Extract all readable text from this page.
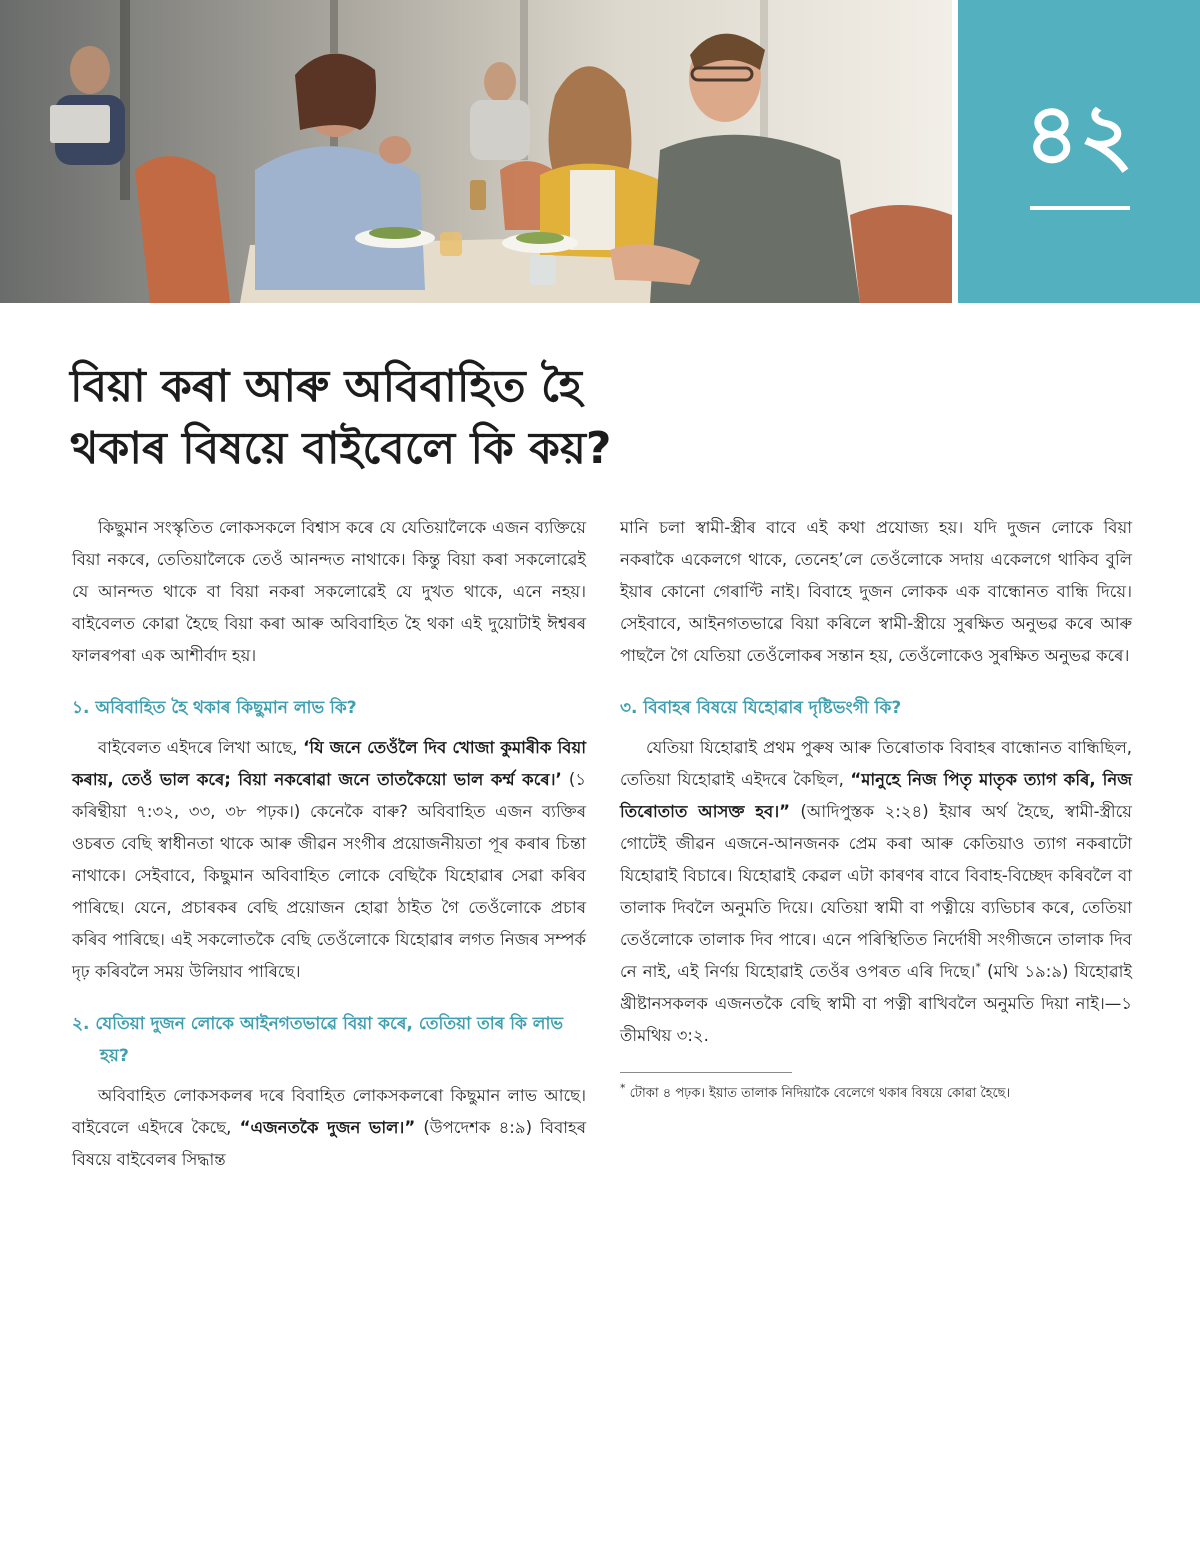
৪২
বিয়া কৰা আৰু অবিবাহিত হৈ
থকাৰ বিষয়ে বাইবেলে কি কয়?

কিছুমান সংস্কৃতিত লোকসকলে বিশ্বাস কৰে যে যেতিয়ালৈকে এজন ব্যক্তিয়ে বিয়া নকৰে, তেতিয়ালৈকে তেওঁ আনন্দত নাথাকে। কিন্তু বিয়া কৰা সকলোৱেই যে আনন্দত থাকে বা বিয়া নকৰা সকলোৱেই যে দুখত থাকে, এনে নহয়। বাইবেলত কোৱা হৈছে বিয়া কৰা আৰু অবিবাহিত হৈ থকা এই দুয়োটাই ঈশ্বৰৰ ফালৰপৰা এক আশীৰ্বাদ হয়।

১. অবিবাহিত হৈ থকাৰ কিছুমান লাভ কি?

বাইবেলত এইদৰে লিখা আছে, ‘যি জনে তেওঁলৈ দিব খোজা কুমাৰীক বিয়া কৰায়, তেওঁ ভাল কৰে; বিয়া নকৰোৱা জনে তাতকৈয়ো ভাল কৰ্ম্ম কৰে।’ (১ কৰিন্থীয়া ৭:৩২, ৩৩, ৩৮ পঢ়ক।) কেনেকৈ বাৰু? অবিবাহিত এজন ব্যক্তিৰ ওচৰত বেছি স্বাধীনতা থাকে আৰু জীৱন সংগীৰ প্ৰয়োজনীয়তা পূৰ কৰাৰ চিন্তা নাথাকে। সেইবাবে, কিছুমান অবিবাহিত লোকে বেছিকৈ যিহোৱাৰ সেৱা কৰিব পাৰিছে। যেনে, প্ৰচাৰকৰ বেছি প্ৰয়োজন হোৱা ঠাইত গৈ তেওঁলোকে প্ৰচাৰ কৰিব পাৰিছে। এই সকলোতকৈ বেছি তেওঁলোকে যিহোৱাৰ লগত নিজৰ সম্পৰ্ক দৃঢ় কৰিবলৈ সময় উলিয়াব পাৰিছে।

২. যেতিয়া দুজন লোকে আইনগতভাৱে বিয়া কৰে, তেতিয়া তাৰ কি লাভ হয়?

অবিবাহিত লোকসকলৰ দৰে বিবাহিত লোকসকলৰো কিছুমান লাভ আছে। বাইবেলে এইদৰে কৈছে, “এজনতকৈ দুজন ভাল।” (উপদেশক ৪:৯) বিবাহৰ বিষয়ে বাইবেলৰ সিদ্ধান্ত

মানি চলা স্বামী-স্ত্ৰীৰ বাবে এই কথা প্ৰযোজ্য হয়। যদি দুজন লোকে বিয়া নকৰাকৈ একেলগে থাকে, তেনেহ’লে তেওঁলোকে সদায় একেলগে থাকিব বুলি ইয়াৰ কোনো গেৰাণ্টি নাই। বিবাহে দুজন লোকক এক বান্ধোনত বান্ধি দিয়ে। সেইবাবে, আইনগতভাৱে বিয়া কৰিলে স্বামী-স্ত্ৰীয়ে সুৰক্ষিত অনুভৱ কৰে আৰু পাছলৈ গৈ যেতিয়া তেওঁলোকৰ সন্তান হয়, তেওঁলোকেও সুৰক্ষিত অনুভৱ কৰে।

৩. বিবাহৰ বিষয়ে যিহোৱাৰ দৃষ্টিভংগী কি?

যেতিয়া যিহোৱাই প্ৰথম পুৰুষ আৰু তিৰোতাক বিবাহৰ বান্ধোনত বান্ধিছিল, তেতিয়া যিহোৱাই এইদৰে কৈছিল, “মানুহে নিজ পিতৃ মাতৃক ত্যাগ কৰি, নিজ তিৰোতাত আসক্ত হব।” (আদিপুস্তক ২:২৪) ইয়াৰ অৰ্থ হৈছে, স্বামী-স্ত্ৰীয়ে গোটেই জীৱন এজনে-আনজনক প্ৰেম কৰা আৰু কেতিয়াও ত্যাগ নকৰাটো যিহোৱাই বিচাৰে। যিহোৱাই কেৱল এটা কাৰণৰ বাবে বিবাহ-বিচ্ছেদ কৰিবলৈ বা তালাক দিবলৈ অনুমতি দিয়ে। যেতিয়া স্বামী বা পত্নীয়ে ব্যভিচাৰ কৰে, তেতিয়া তেওঁলোকে তালাক দিব পাৰে। এনে পৰিস্থিতিত নিৰ্দোষী সংগীজনে তালাক দিব নে নাই, এই নিৰ্ণয় যিহোৱাই তেওঁৰ ওপৰত এৰি দিছে।* (মথি ১৯:৯) যিহোৱাই খ্ৰীষ্টানসকলক এজনতকৈ বেছি স্বামী বা পত্নী ৰাখিবলৈ অনুমতি দিয়া নাই।—১ তীমথিয় ৩:২.

* টোকা ৪ পঢ়ক। ইয়াত তালাক নিদিয়াকৈ বেলেগে থকাৰ বিষয়ে কোৱা হৈছে।
